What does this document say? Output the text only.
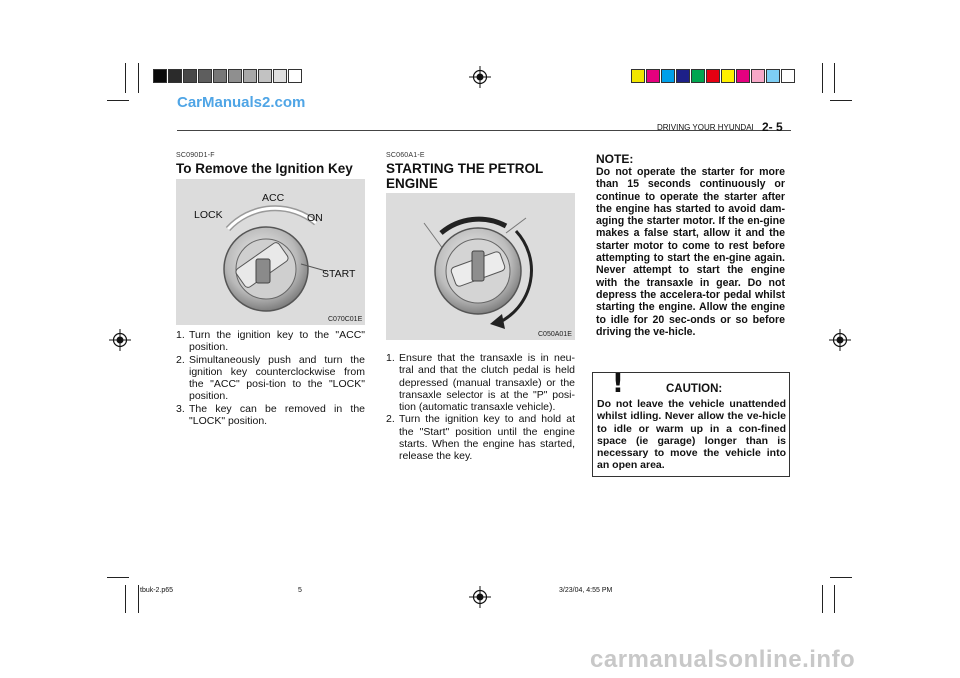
CarManuals2.com
DRIVING YOUR HYUNDAI 2- 5
SC090D1-F
To Remove the Ignition Key
ACC
LOCK	ON
START
C070C01E
1. Turn the ignition key to the "ACC" position.
2. Simultaneously push and turn the ignition key counterclockwise from the "ACC" posi-tion to the "LOCK" position.
3. The key can be removed in the "LOCK" position.
SC060A1-E
STARTING THE PETROL ENGINE
C050A01E
1. Ensure that the transaxle is in neu-tral and that the clutch pedal is held depressed (manual transaxle) or the transaxle selector is at the "P" posi-tion (automatic transaxle vehicle).
2. Turn the ignition key to and hold at the "Start" position until the engine starts. When the engine has started, release the key.
NOTE:
Do not operate the starter for more than 15 seconds continuously or continue to operate the starter after the engine has started to avoid dam-aging the starter motor. If the en-gine makes a false start, allow it and the starter motor to come to rest before attempting to start the en-gine again. Never attempt to start the engine with the transaxle in gear. Do not depress the accelera-tor pedal whilst starting the engine. Allow the engine to idle for 20 sec-onds or so before driving the ve-hicle.
!	CAUTION:
Do not leave the vehicle unattended whilst idling. Never allow the ve-hicle to idle or warm up in a con-fined space (ie garage) longer than is necessary to move the vehicle into an open area.
tbuk-2.p65	5	3/23/04, 4:55 PM
carmanualsonline.info
